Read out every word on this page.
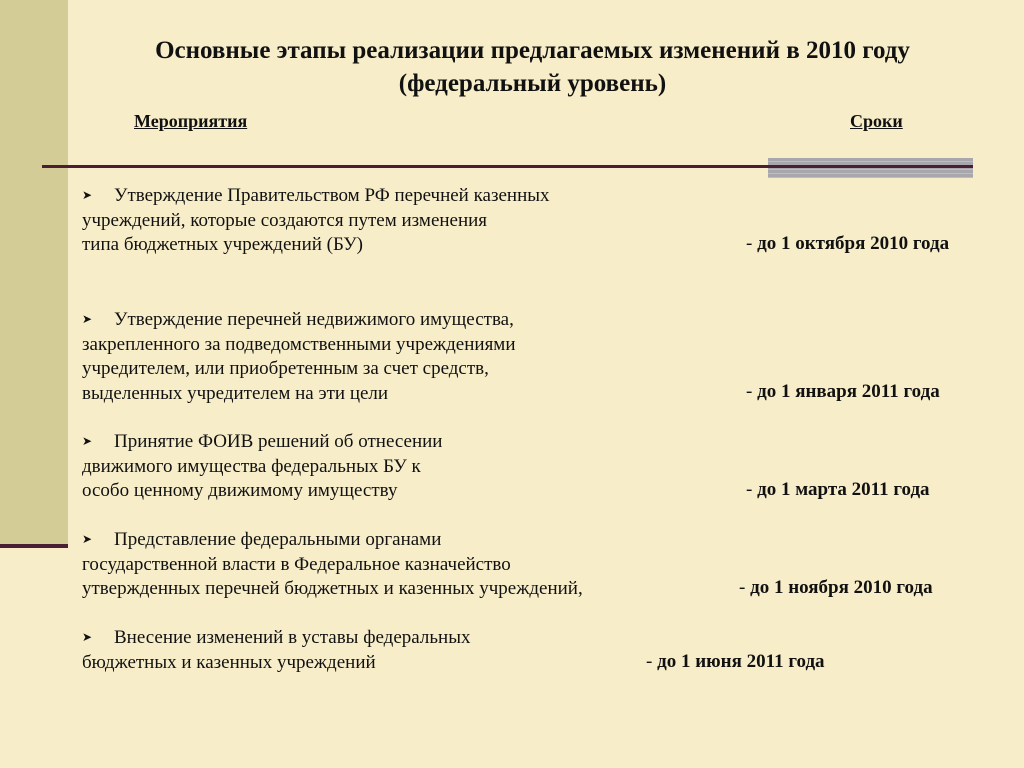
Основные этапы реализации предлагаемых изменений в 2010 году
(федеральный уровень)
Мероприятия	Сроки
➤ Утверждение Правительством РФ перечней казенных
учреждений, которые создаются путем изменения
типа бюджетных учреждений (БУ)	- до 1 октября 2010 года
➤ Утверждение перечней недвижимого имущества,
закрепленного за подведомственными учреждениями
учредителем, или приобретенным за счет средств,
выделенных учредителем на эти цели	- до 1 января 2011 года
➤ Принятие ФОИВ решений об отнесении
движимого имущества федеральных БУ к
особо ценному движимому имуществу	- до 1 марта 2011 года
➤ Представление федеральными органами
государственной власти в Федеральное казначейство
утвержденных перечней бюджетных и казенных учреждений,	- до 1 ноября 2010 года
➤ Внесение изменений в уставы федеральных
бюджетных и казенных учреждений	- до 1 июня 2011 года
